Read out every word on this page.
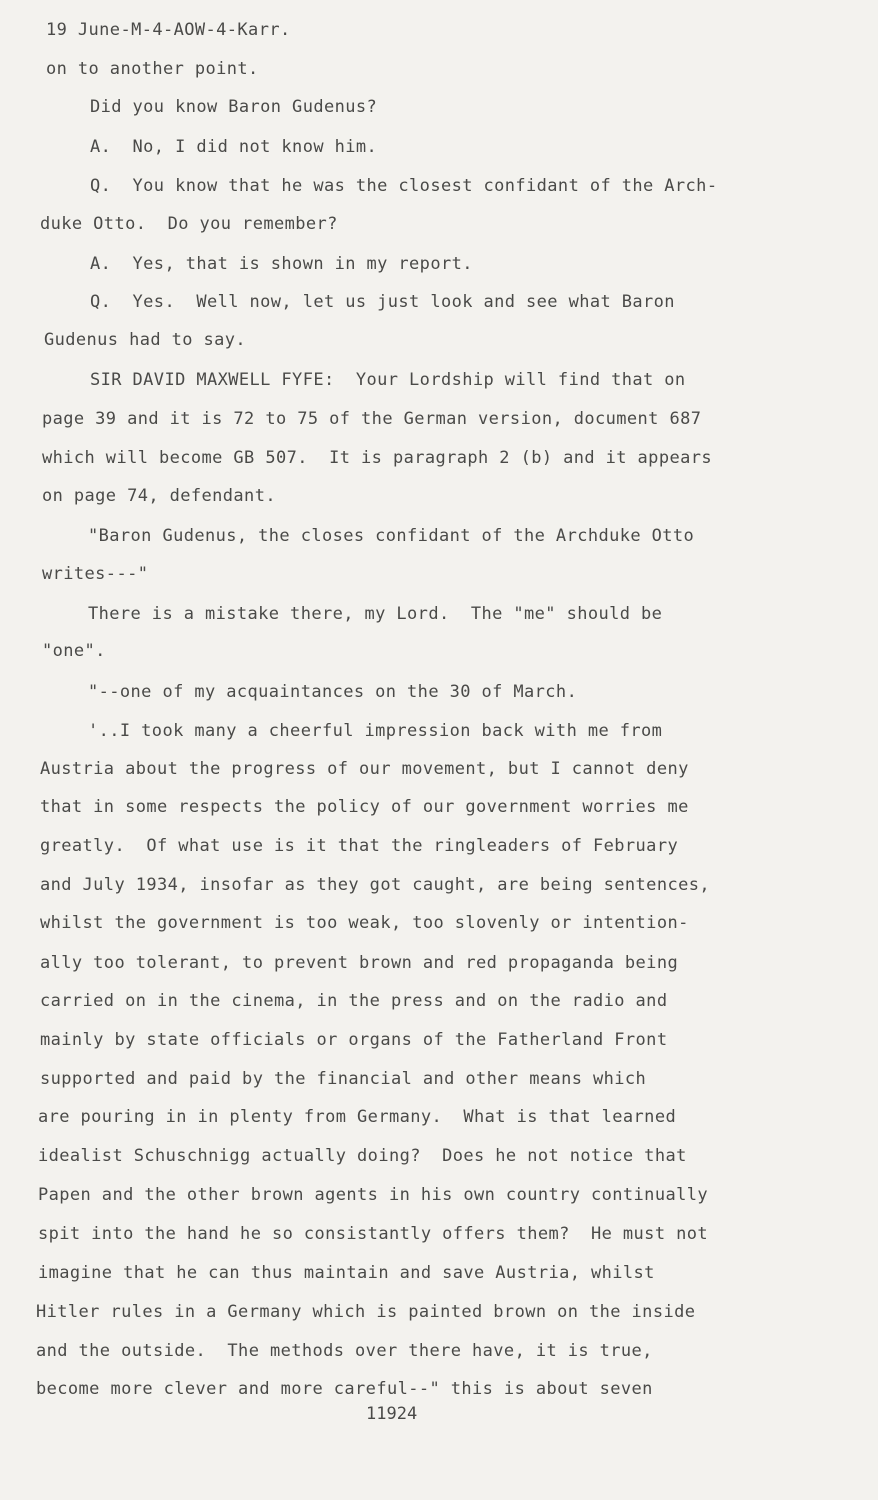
19 June-M-4-AOW-4-Karr.
on to another point.
Did you know Baron Gudenus?
A.  No, I did not know him.
Q.  You know that he was the closest confidant of the Arch-
duke Otto.  Do you remember?
A.  Yes, that is shown in my report.
Q.  Yes.  Well now, let us just look and see what Baron
Gudenus had to say.
SIR DAVID MAXWELL FYFE:  Your Lordship will find that on
page 39 and it is 72 to 75 of the German version, document 687
which will become GB 507.  It is paragraph 2 (b) and it appears
on page 74, defendant.
"Baron Gudenus, the closes confidant of the Archduke Otto
writes---"
There is a mistake there, my Lord.  The "me" should be
"one".
"--one of my acquaintances on the 30 of March.
'..I took many a cheerful impression back with me from
Austria about the progress of our movement, but I cannot deny
that in some respects the policy of our government worries me
greatly.  Of what use is it that the ringleaders of February
and July 1934, insofar as they got caught, are being sentences,
whilst the government is too weak, too slovenly or intention-
ally too tolerant, to prevent brown and red propaganda being
carried on in the cinema, in the press and on the radio and
mainly by state officials or organs of the Fatherland Front
supported and paid by the financial and other means which
are pouring in in plenty from Germany.  What is that learned
idealist Schuschnigg actually doing?  Does he not notice that
Papen and the other brown agents in his own country continually
spit into the hand he so consistantly offers them?  He must not
imagine that he can thus maintain and save Austria, whilst
Hitler rules in a Germany which is painted brown on the inside
and the outside.  The methods over there have, it is true,
become more clever and more careful--" this is about seven
11924
